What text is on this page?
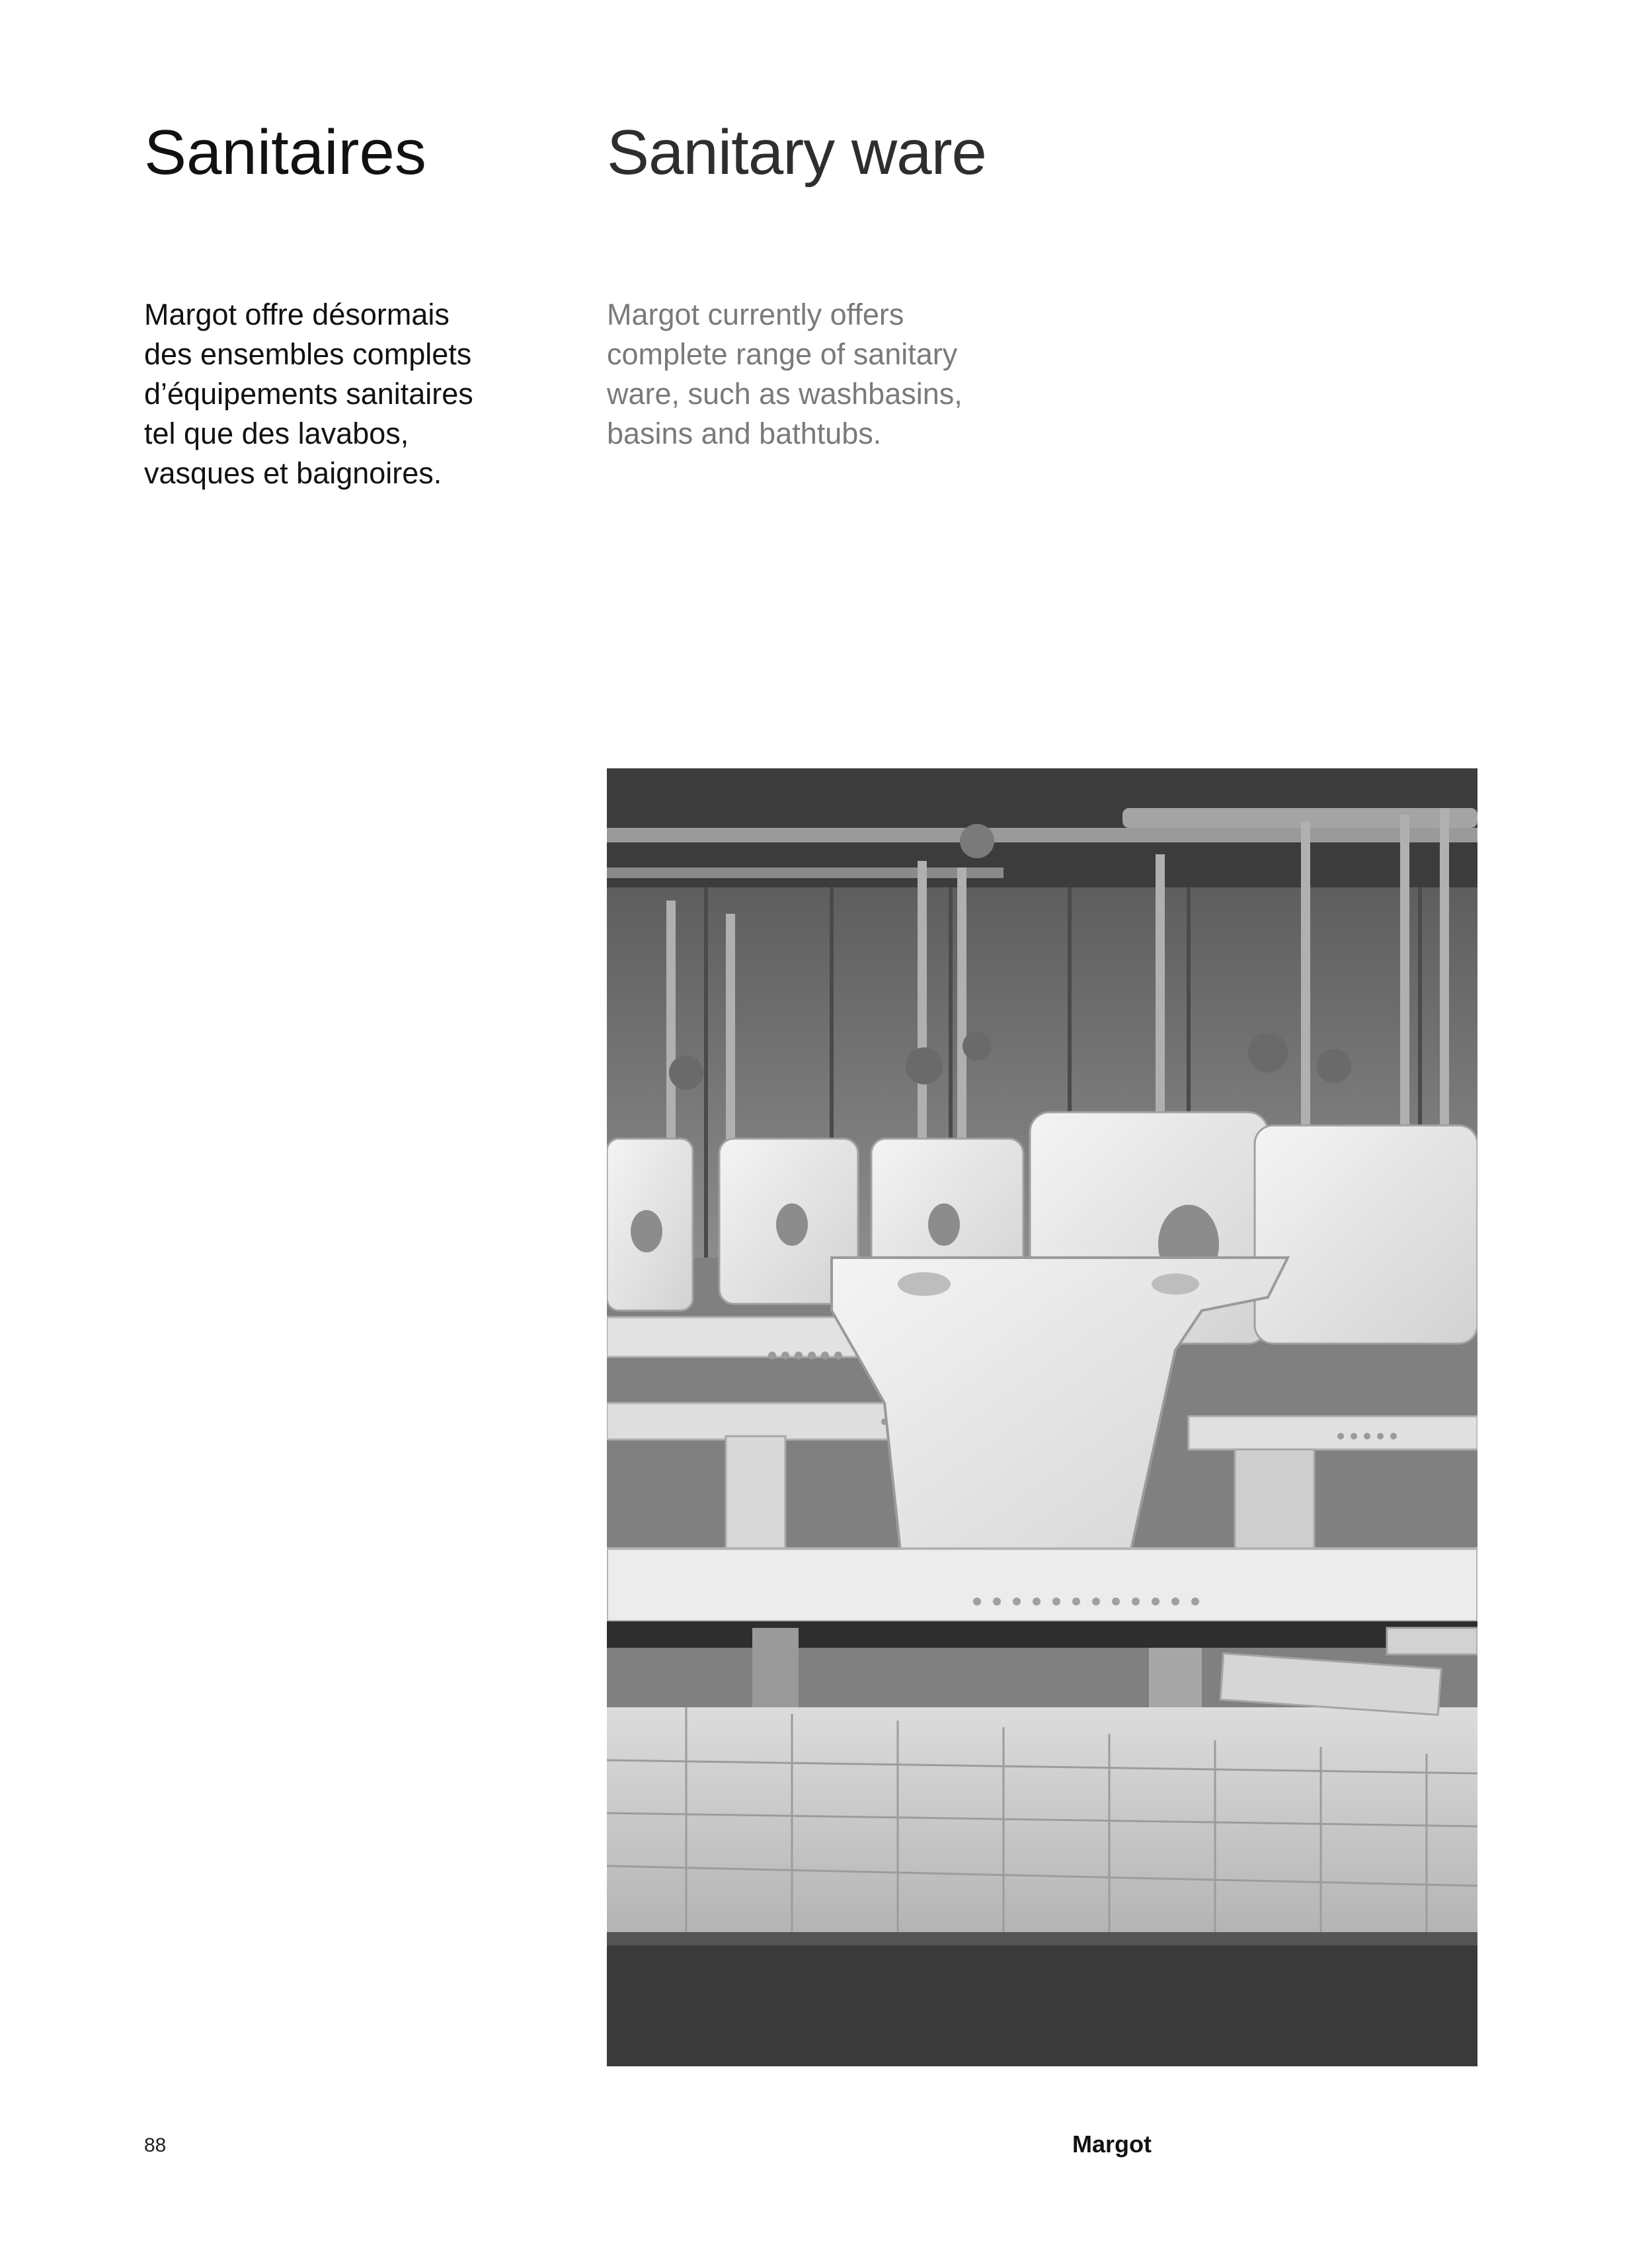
Sanitaires	Sanitary ware

Margot offre désormais
des ensembles complets
d’équipements sanitaires
tel que des lavabos,
vasques et baignoires.

Margot currently offers
complete range of sanitary
ware, such as washbasins,
basins and bathtubs.

88	Margot
